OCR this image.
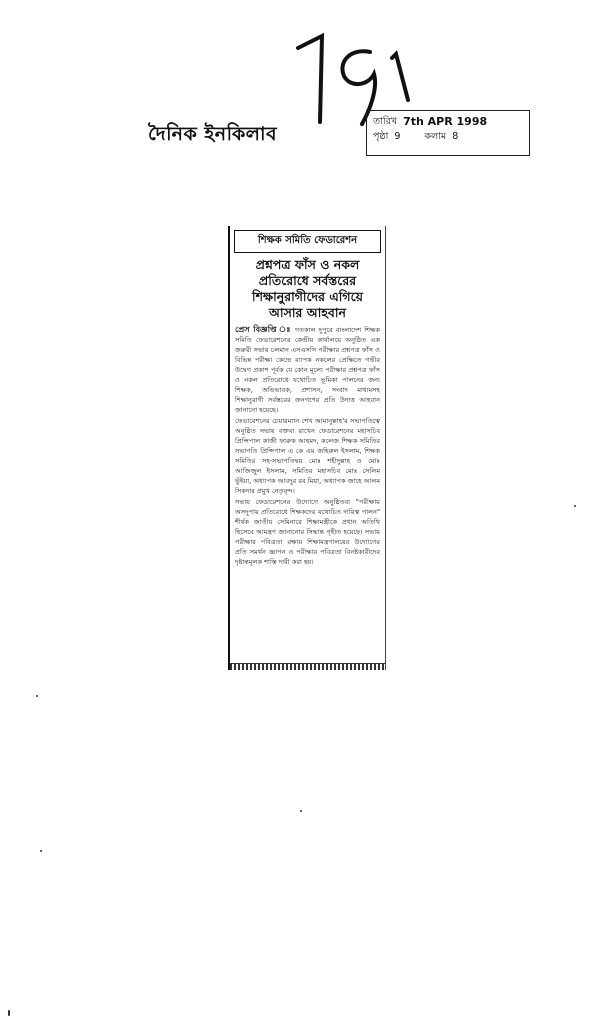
191
দৈনিক ইনকিলাব
তারিখ 7th APR 1998
পৃষ্ঠা 9	কলাম 8
শিক্ষক সমিতি ফেডারেশন
প্রশ্নপত্র ফাঁস ও নকল প্রতিরোধে সর্বস্তরের শিক্ষানুরাগীদের এগিয়ে আসার আহবান

প্রেস বিজ্ঞপ্তি ঃ গতকাল দুপুরে বাংলাদেশ শিক্ষক সমিতি ফেডারেশনের কেন্দ্রীয় কার্যালয়ে অনুষ্ঠিত এক জরুরী সভায় চলমান এসএসসি পরীক্ষার প্রশ্নপত্র ফাঁস ও বিভিন্ন পরীক্ষা কেন্দ্রে ব্যাপক নকলের প্রেক্ষিতে গভীর উদ্বেগ প্রকাশ পূর্বক যে কোন মূল্যে পরীক্ষার প্রশ্নপত্র ফাঁস ও নকল প্রতিরোধে যথোচিত ভূমিকা পালনের জন্য শিক্ষক, অভিভাবক, প্রশাসন, সংবাদ মাধ্যমসহ শিক্ষানুরাগী সর্বস্তরের জনগণের প্রতি উদাত্ত আহবান জানানো হয়েছে।

ফেডারেশনের চেয়ারম্যান শেখ আমানুল্লাহ'র সভাপতিত্বে অনুষ্ঠিত সভায় বক্তব্য রাখেন ফেডারেশনের মহাসচিব প্রিন্সিপাল কাজী ফারুক আহমদ, কলেজ শিক্ষক সমিতির সভাপতি প্রিন্সিপাল এ কে এম জহিরুল ইসলাম, শিক্ষক সমিতির সহ-সভাপতিদ্বয় মোঃ শহীদুল্লাহ ও মোঃ আজিজুল ইসলাম, সমিতির মহাসচিব মোঃ সেলিম ভুঁইয়া, অধ্যাপক আবদুর রব মিয়া, অধ্যাপক জাহে আলম সিকদার প্রমুখ নেতৃবৃন্দ।

সভায় ফেডারেশনের উদ্যোগে অনুষ্ঠিতব্য "পরীক্ষায় অসদুপায় প্রতিরোধে শিক্ষকদের যথোচিত দায়িত্ব পালন" শীর্ষক জাতীয় সেমিনারে শিক্ষামন্ত্রীকে প্রধান অতিথি হিসেবে আমন্ত্রণ জানানোর সিদ্ধান্ত গৃহীত হয়েছে। সভায় পরীক্ষার পবিত্রতা রক্ষায় শিক্ষামন্ত্রণালয়ের উদ্যোগের প্রতি সমর্থন জ্ঞাপন ও পরীক্ষার পবিত্রতা বিনষ্টকারীদের দৃষ্টান্তমূলক শাস্তি দাবী করা হয়।
